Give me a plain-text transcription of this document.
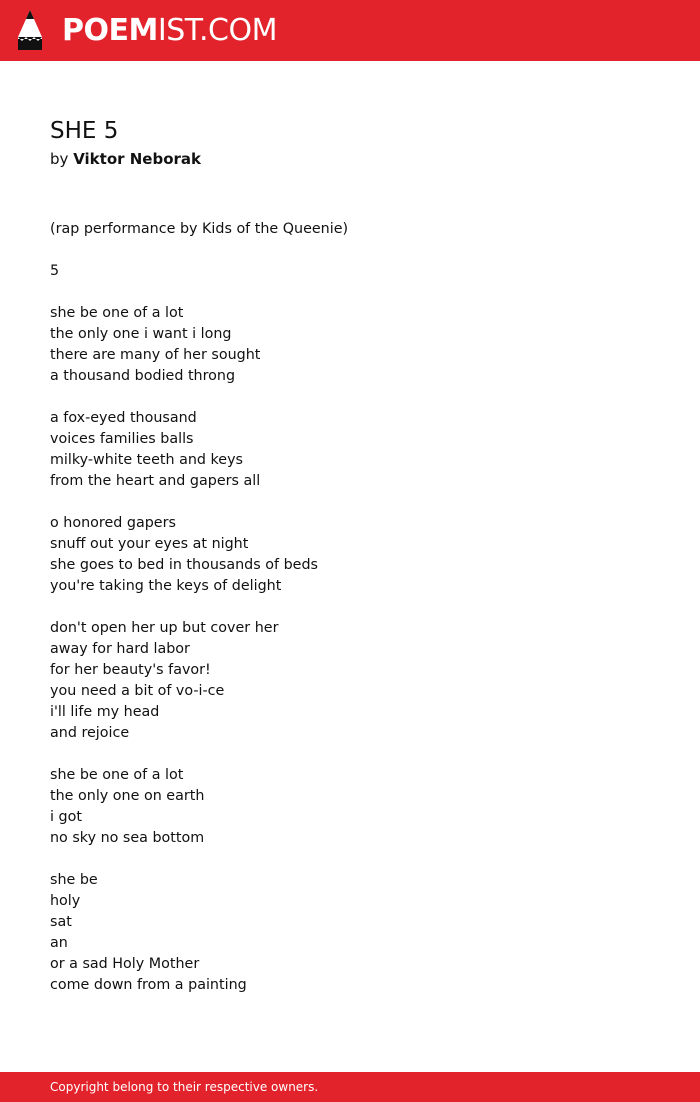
POEMIST.COM
SHE 5

by Viktor Neborak

(rap performance by Kids of the Queenie)
5
she be one of a lot
the only one i want i long
there are many of her sought
a thousand bodied throng
a fox-eyed thousand
voices families balls
milky-white teeth and keys
from the heart and gapers all
o honored gapers
snuff out your eyes at night
she goes to bed in thousands of beds
you're taking the keys of delight
don't open her up but cover her
away for hard labor
for her beauty's favor!
you need a bit of vo-i-ce
i'll life my head
and rejoice
she be one of a lot
the only one on earth
i got
no sky no sea bottom
she be
holy
sat
an
or a sad Holy Mother
come down from a painting
Copyright belong to their respective owners.
